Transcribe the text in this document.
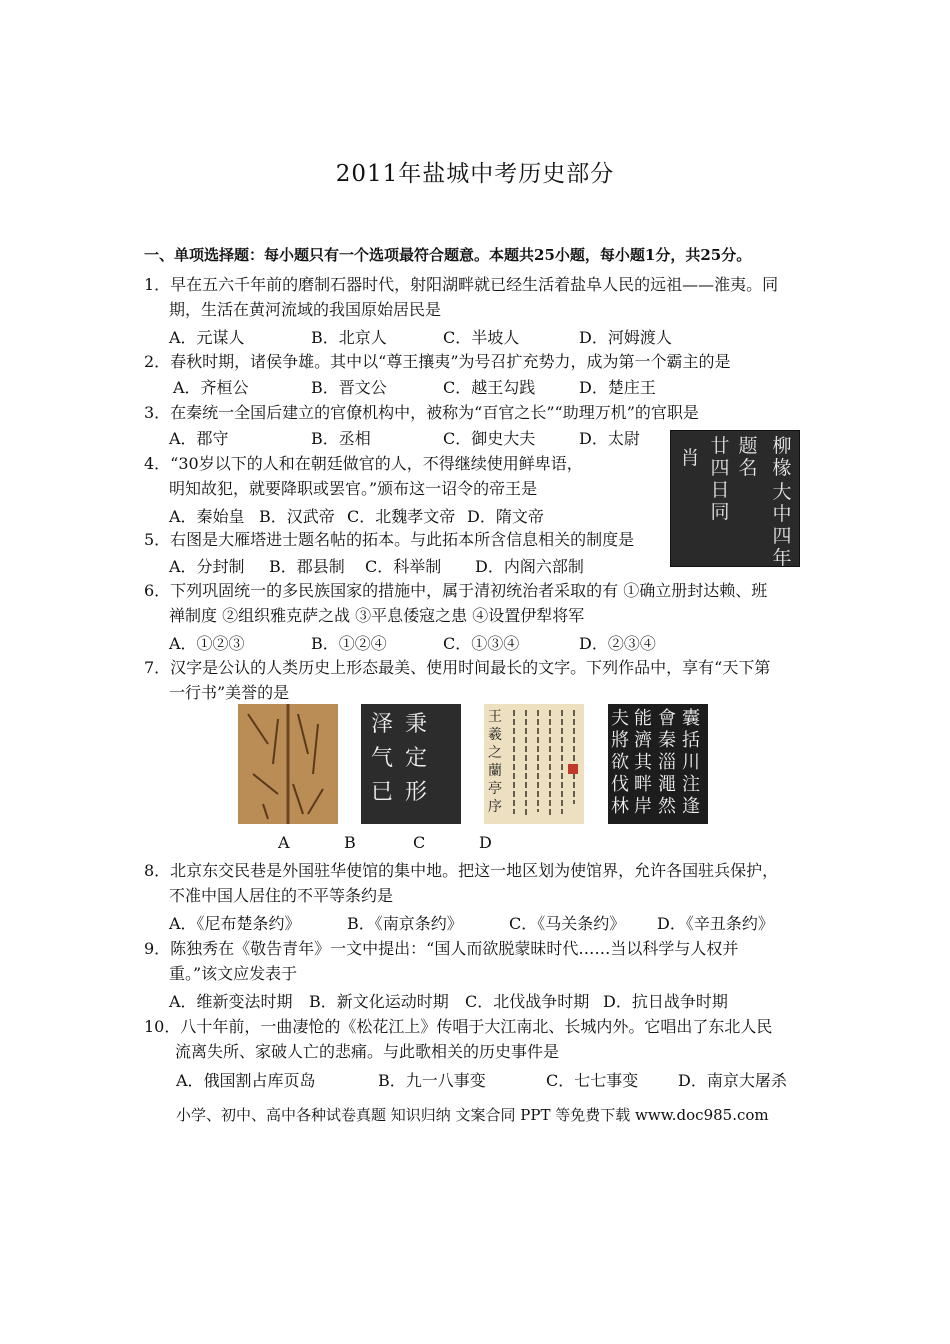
2011年盐城中考历史部分
一、单项选择题：每小题只有一个选项最符合题意。本题共25小题，每小题1分，共25分。
1．早在五六千年前的磨制石器时代，射阳湖畔就已经生活着盐阜人民的远祖——淮夷。同
期，生活在黄河流域的我国原始居民是
A．元谋人	B．北京人	C．半坡人	D．河姆渡人
2．春秋时期，诸侯争雄。其中以“尊王攘夷”为号召扩充势力，成为第一个霸主的是
A．齐桓公	B．晋文公	C．越王勾践	D．楚庄王
3．在秦统一全国后建立的官僚机构中，被称为“百官之长”“助理万机”的官职是
A．郡守	B．丞相	C．御史大夫	D．太尉	柳椽
大中四年
肖
廿四日同
题名
4．“30岁以下的人和在朝廷做官的人，不得继续使用鲜卑语，
明知故犯，就要降职或罢官。”颁布这一诏令的帝王是
A．秦始皇 B．汉武帝 C．北魏孝文帝 D．隋文帝
5．右图是大雁塔进士题名帖的拓本。与此拓本所含信息相关的制度是
A．分封制 B．郡县制 C．科举制 D．内阁六部制
6．下列巩固统一的多民族国家的措施中，属于清初统治者采取的有 ①确立册封达赖、班
禅制度 ②组织雅克萨之战 ③平息倭寇之患 ④设置伊犁将军
A．①②③	B．①②④	C．①③④	D．②③④
7．汉字是公认的人类历史上形态最美、使用时间最长的文字。下列作品中，享有“天下第
一行书”美誉的是
秉
定
形
泽
气
已
王
羲
之
蘭
亭
序
囊
括
川
注
逢
會
秦
淄
澠
然
能
濟
其
畔
岸
夫
將
欲
伐
林
A	B	C	D
8．北京东交民巷是外国驻华使馆的集中地。把这一地区划为使馆界，允许各国驻兵保护，
不准中国人居住的不平等条约是
A．《尼布楚条约》	B．《南京条约》	C．《马关条约》 D．《辛丑条约》
9．陈独秀在《敬告青年》一文中提出：“国人而欲脱蒙昧时代……当以科学与人权并
重。”该文应发表于
A．维新变法时期 B．新文化运动时期 C．北伐战争时期 D．抗日战争时期
10．八十年前，一曲凄怆的《松花江上》传唱于大江南北、长城内外。它唱出了东北人民
流离失所、家破人亡的悲痛。与此歌相关的历史事件是
A．俄国割占库页岛	B．九一八事变	C．七七事变 D．南京大屠杀
小学、初中、高中各种试卷真题 知识归纳 文案合同 PPT 等免费下载 www.doc985.com
